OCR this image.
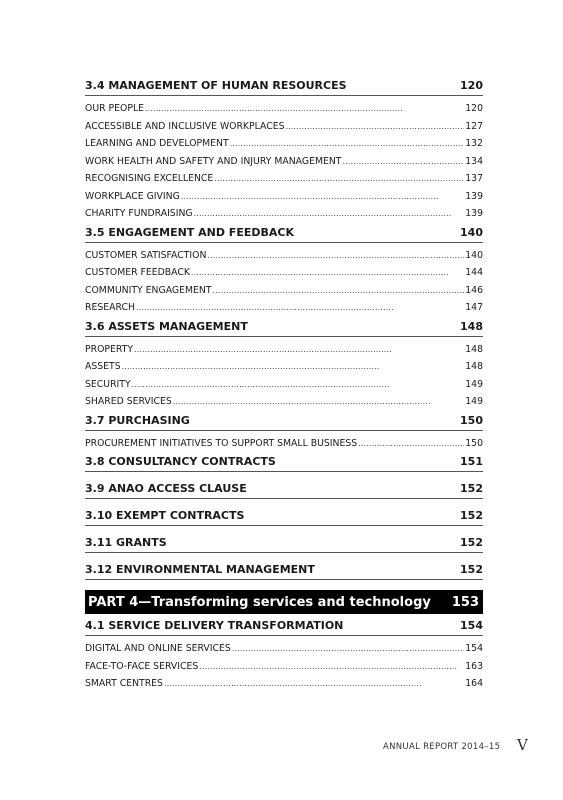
3.4 MANAGEMENT OF HUMAN RESOURCES	120
OUR PEOPLE . . .	120
ACCESSIBLE AND INCLUSIVE WORKPLACES . . .	127
LEARNING AND DEVELOPMENT . . .	132
WORK HEALTH AND SAFETY AND INJURY MANAGEMENT . . .	134
RECOGNISING EXCELLENCE . . .	137
WORKPLACE GIVING . . .	139
CHARITY FUNDRAISING . . .	139
3.5 ENGAGEMENT AND FEEDBACK	140
CUSTOMER SATISFACTION . . .	140
CUSTOMER FEEDBACK . . .	144
COMMUNITY ENGAGEMENT . . .	146
RESEARCH . . .	147
3.6 ASSETS MANAGEMENT	148
PROPERTY . . .	148
ASSETS . . .	148
SECURITY . . .	149
SHARED SERVICES . . .	149
3.7 PURCHASING	150
PROCUREMENT INITIATIVES TO SUPPORT SMALL BUSINESS . . .	150
3.8 CONSULTANCY CONTRACTS	151
3.9 ANAO ACCESS CLAUSE	152
3.10 EXEMPT CONTRACTS	152
3.11 GRANTS	152
3.12 ENVIRONMENTAL MANAGEMENT	152
PART 4—Transforming services and technology 153
4.1 SERVICE DELIVERY TRANSFORMATION	154
DIGITAL AND ONLINE SERVICES . . .	154
FACE-TO-FACE SERVICES . . .	163
SMART CENTRES . . .	164
ANNUAL REPORT 2014–15 V
